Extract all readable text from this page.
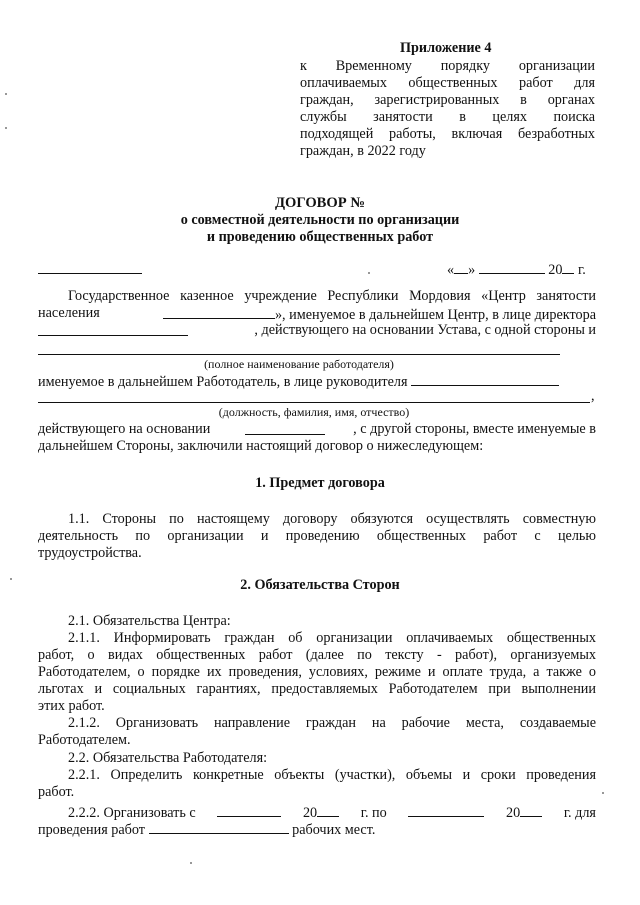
Приложение 4
к Временному порядку организации
оплачиваемых общественных работ для
граждан, зарегистрированных в органах
службы занятости в целях поиска
подходящей работы, включая безработных
граждан, в 2022 году
ДОГОВОР №
о совместной деятельности по организации
и проведению общественных работ
« »	20 г.
Государственное казенное учреждение Республики Мордовия «Центр занятости
населения	», именуемое в дальнейшем Центр, в лице директора
, действующего на основании Устава, с одной стороны и
(полное наименование работодателя)
именуемое в дальнейшем Работодатель, в лице руководителя
,
(должность, фамилия, имя, отчество)
действующего на основании	, с другой стороны, вместе именуемые в
дальнейшем Стороны, заключили настоящий договор о нижеследующем:
1. Предмет договора
1.1. Стороны по настоящему договору обязуются осуществлять совместную
деятельность по организации и проведению общественных работ с целью
трудоустройства.
2. Обязательства Сторон
2.1. Обязательства Центра:
2.1.1. Информировать граждан об организации оплачиваемых общественных
работ, о видах общественных работ (далее по тексту - работ), организуемых
Работодателем, о порядке их проведения, условиях, режиме и оплате труда, а также о
льготах и социальных гарантиях, предоставляемых Работодателем при выполнении
этих работ.
2.1.2. Организовать направление граждан на рабочие места, создаваемые
Работодателем.
2.2. Обязательства Работодателя:
2.2.1. Определить конкретные объекты (участки), объемы и сроки проведения
работ.
2.2.2. Организовать с	20	г. по	20	г. для
проведения работ	рабочих мест.
